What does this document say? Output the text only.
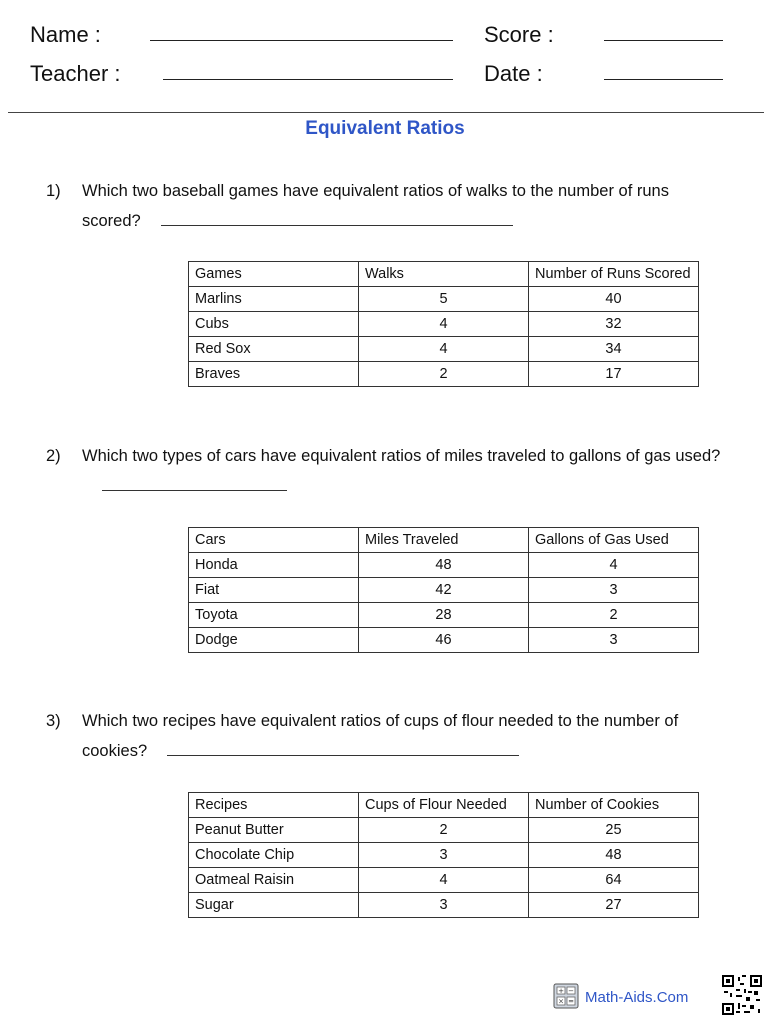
Name :
Teacher :
Score :
Date :
Equivalent Ratios
1) Which two baseball games have equivalent ratios of walks to the number of runs scored?
Games	Walks	Number of Runs Scored
Marlins	5	40
Cubs	4	32
Red Sox	4	34
Braves	2	17
2) Which two types of cars have equivalent ratios of miles traveled to gallons of gas used?
Cars	Miles Traveled	Gallons of Gas Used
Honda	48	4
Fiat	42	3
Toyota	28	2
Dodge	46	3
3) Which two recipes have equivalent ratios of cups of flour needed to the number of cookies?
Recipes	Cups of Flour Needed	Number of Cookies
Peanut Butter	2	25
Chocolate Chip	3	48
Oatmeal Raisin	4	64
Sugar	3	27
+ −
× = Math-Aids.Com
